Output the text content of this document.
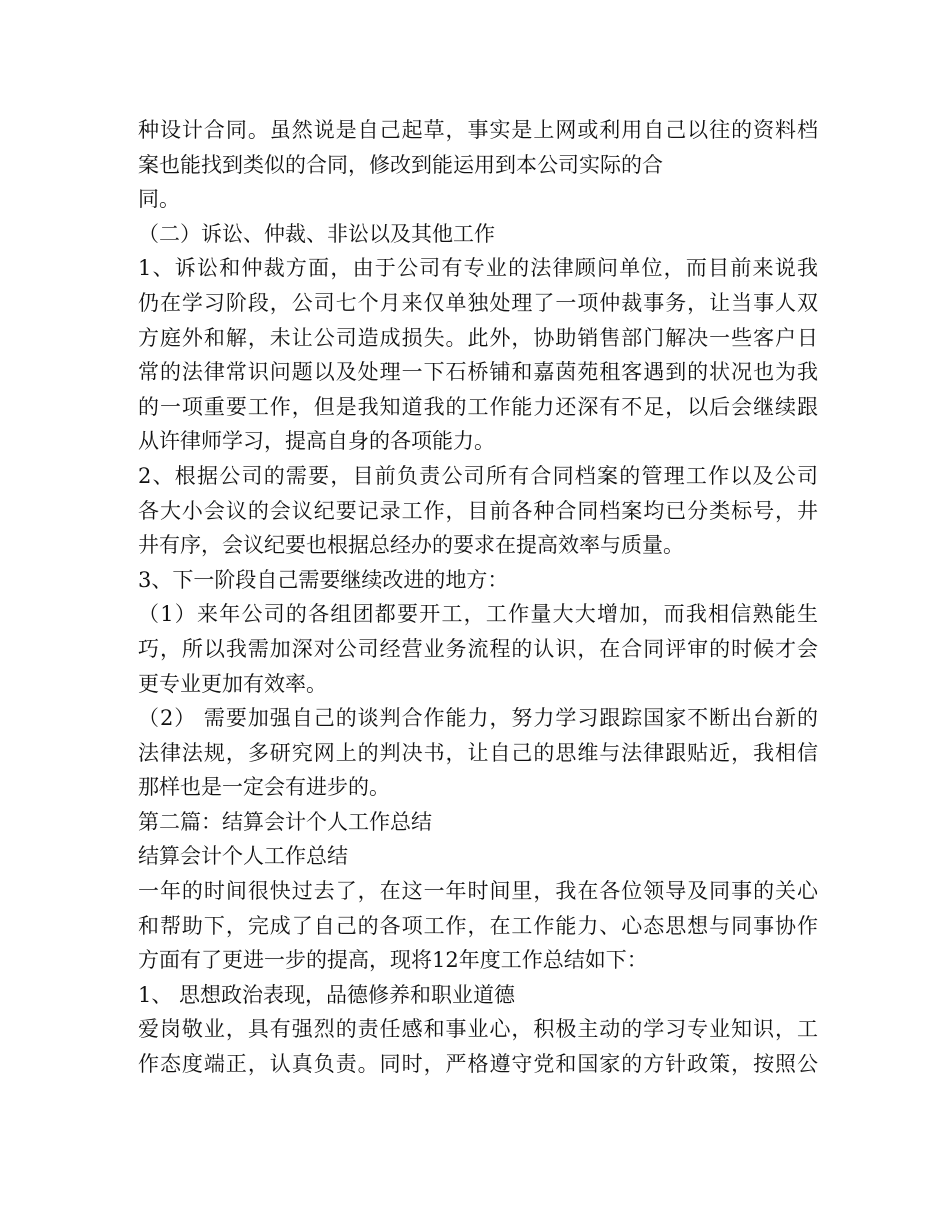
种设计合同。虽然说是自己起草，事实是上网或利用自己以往的资料档
案也能找到类似的合同，修改到能运用到本公司实际的合
同。
（二）诉讼、仲裁、非讼以及其他工作
1、诉讼和仲裁方面，由于公司有专业的法律顾问单位，而目前来说我
仍在学习阶段，公司七个月来仅单独处理了一项仲裁事务，让当事人双
方庭外和解，未让公司造成损失。此外，协助销售部门解决一些客户日
常的法律常识问题以及处理一下石桥铺和嘉茵苑租客遇到的状况也为我
的一项重要工作，但是我知道我的工作能力还深有不足，以后会继续跟
从许律师学习，提高自身的各项能力。
2、根据公司的需要，目前负责公司所有合同档案的管理工作以及公司
各大小会议的会议纪要记录工作，目前各种合同档案均已分类标号，井
井有序，会议纪要也根据总经办的要求在提高效率与质量。
3、下一阶段自己需要继续改进的地方：
（1）来年公司的各组团都要开工，工作量大大增加，而我相信熟能生
巧，所以我需加深对公司经营业务流程的认识，在合同评审的时候才会
更专业更加有效率。
（2） 需要加强自己的谈判合作能力，努力学习跟踪国家不断出台新的
法律法规，多研究网上的判决书，让自己的思维与法律跟贴近，我相信
那样也是一定会有进步的。
第二篇：结算会计个人工作总结
结算会计个人工作总结
一年的时间很快过去了，在这一年时间里，我在各位领导及同事的关心
和帮助下，完成了自己的各项工作，在工作能力、心态思想与同事协作
方面有了更进一步的提高，现将12年度工作总结如下：
1、 思想政治表现，品德修养和职业道德
爱岗敬业，具有强烈的责任感和事业心，积极主动的学习专业知识，工
作态度端正，认真负责。同时，严格遵守党和国家的方针政策，按照公
